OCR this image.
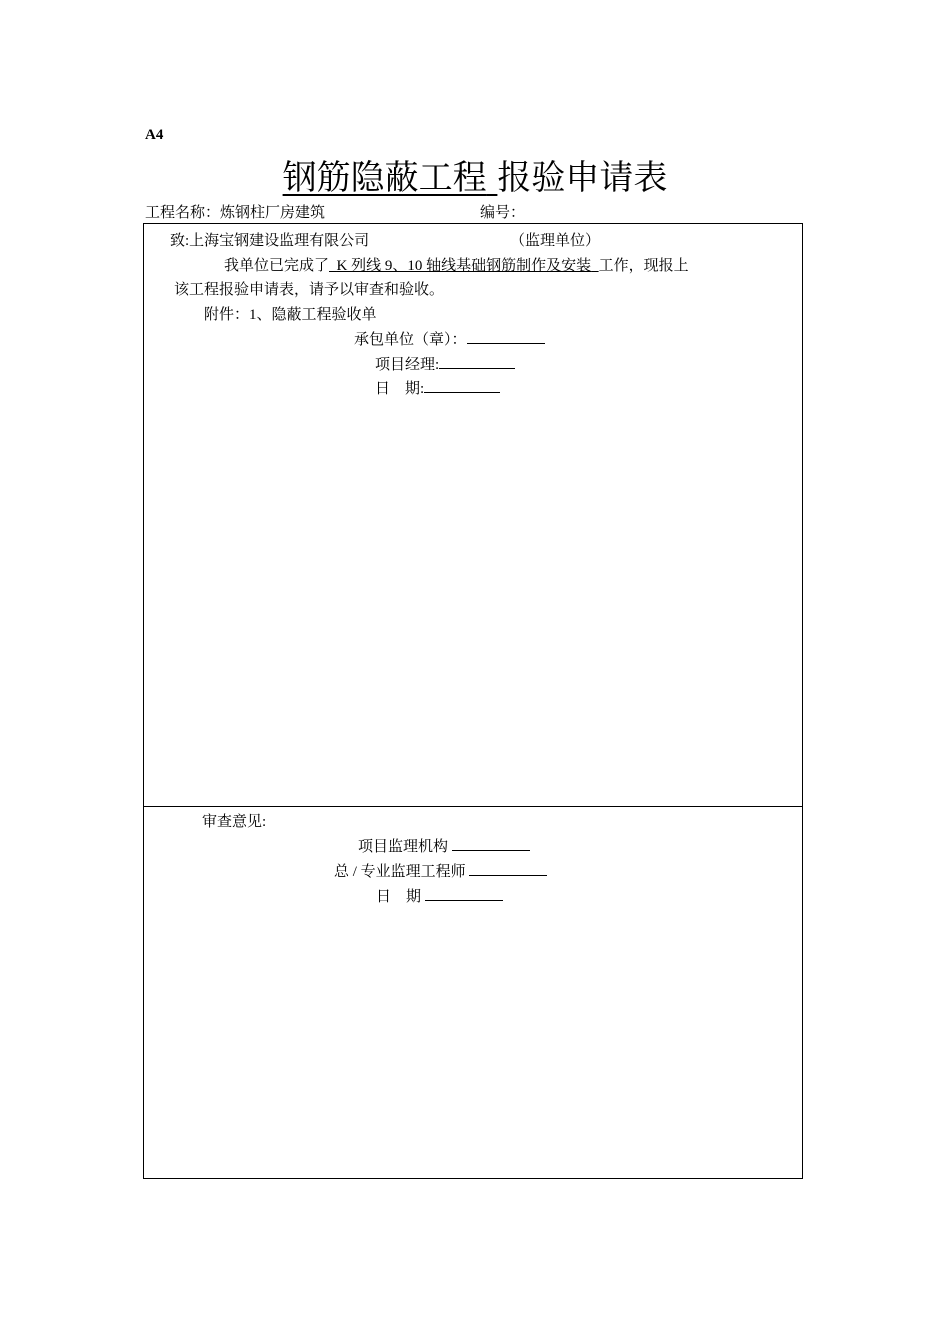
A4
钢筋隐蔽工程 报验申请表
工程名称：炼钢柱厂房建筑	编号：
致:上海宝钢建设监理有限公司	（监理单位）
我单位已完成了 K 列线 9、10 轴线基础钢筋制作及安装 工作，现报上
该工程报验申请表，请予以审查和验收。
附件：1、隐蔽工程验收单
承包单位（章）：
项目经理:
日　期:
审查意见:
项目监理机构
总 / 专业监理工程师
日　期
